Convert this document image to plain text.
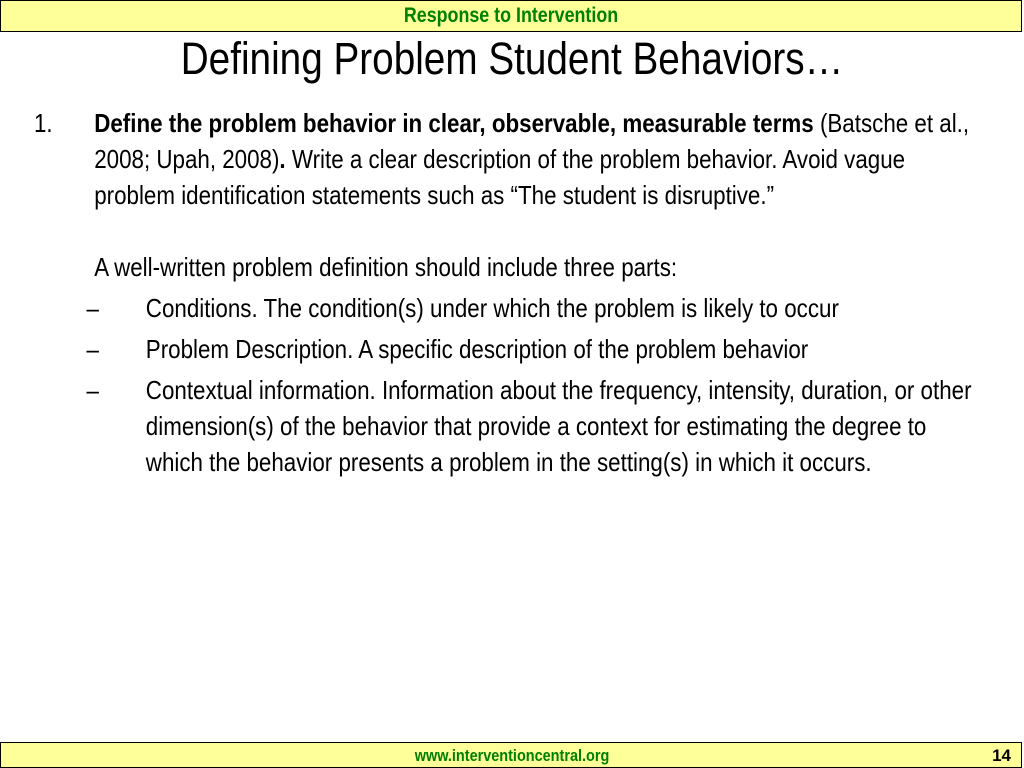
Response to Intervention
Defining Problem Student Behaviors…
1. Define the problem behavior in clear, observable, measurable terms (Batsche et al., 2008; Upah, 2008). Write a clear description of the problem behavior. Avoid vague problem identification statements such as “The student is disruptive.”
A well-written problem definition should include three parts:
– Conditions. The condition(s) under which the problem is likely to occur
– Problem Description. A specific description of the problem behavior
– Contextual information. Information about the frequency, intensity, duration, or other dimension(s) of the behavior that provide a context for estimating the degree to which the behavior presents a problem in the setting(s) in which it occurs.
www.interventioncentral.org	14
